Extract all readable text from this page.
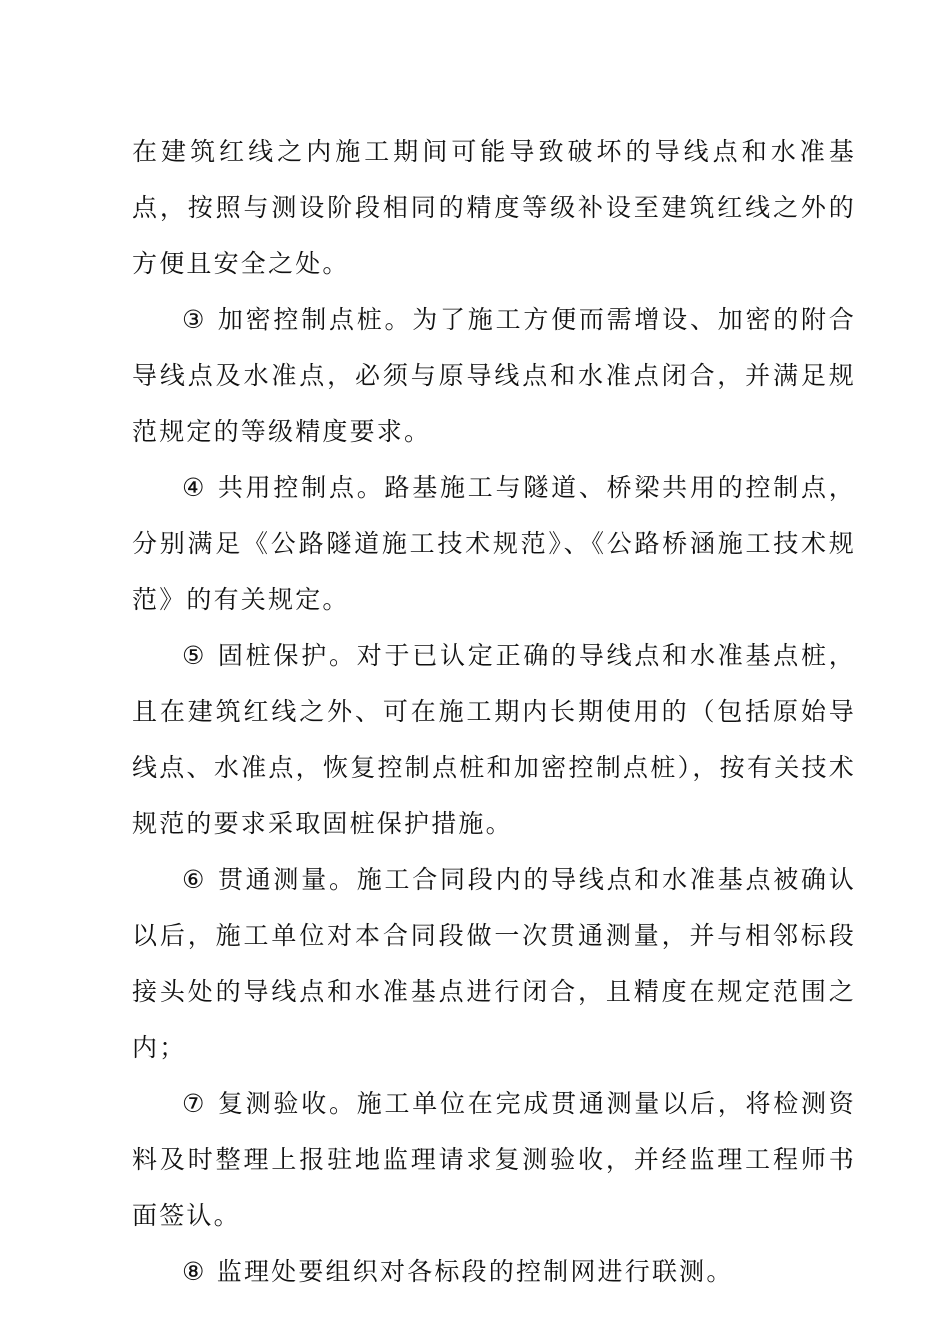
在建筑红线之内施工期间可能导致破坏的导线点和水准基点，按照与测设阶段相同的精度等级补设至建筑红线之外的方便且安全之处。

③ 加密控制点桩。为了施工方便而需增设、加密的附合导线点及水准点，必须与原导线点和水准点闭合，并满足规范规定的等级精度要求。

④ 共用控制点。路基施工与隧道、桥梁共用的控制点，分别满足《公路隧道施工技术规范》、《公路桥涵施工技术规范》的有关规定。

⑤ 固桩保护。对于已认定正确的导线点和水准基点桩，且在建筑红线之外、可在施工期内长期使用的（包括原始导线点、水准点，恢复控制点桩和加密控制点桩），按有关技术规范的要求采取固桩保护措施。

⑥ 贯通测量。施工合同段内的导线点和水准基点被确认以后，施工单位对本合同段做一次贯通测量，并与相邻标段接头处的导线点和水准基点进行闭合，且精度在规定范围之内；

⑦ 复测验收。施工单位在完成贯通测量以后，将检测资料及时整理上报驻地监理请求复测验收，并经监理工程师书面签认。

⑧ 监理处要组织对各标段的控制网进行联测。
